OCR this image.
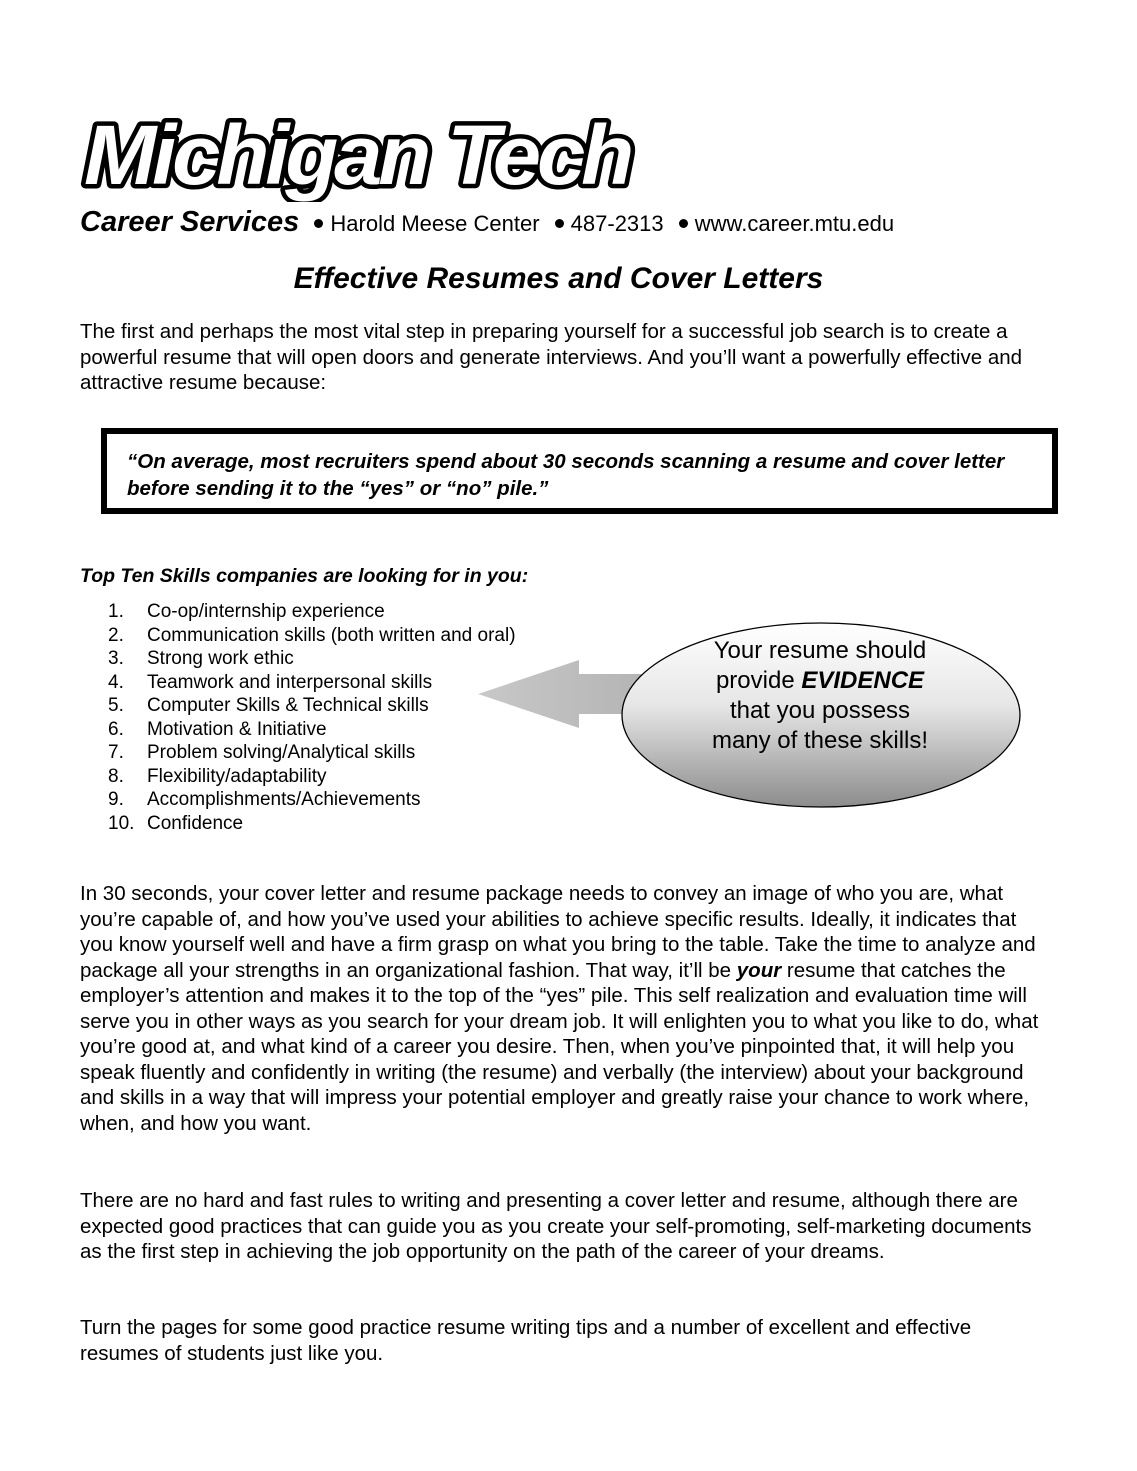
Michigan Tech
Career Services Harold Meese Center 487-2313 www.career.mtu.edu
Effective Resumes and Cover Letters

The first and perhaps the most vital step in preparing yourself for a successful job search is to create a powerful resume that will open doors and generate interviews. And you’ll want a powerfully effective and attractive resume because:

“On average, most recruiters spend about 30 seconds scanning a resume and cover letter before sending it to the “yes” or “no” pile.”
Top Ten Skills companies are looking for in you:
1. Co-op/internship experience
2. Communication skills (both written and oral)
3. Strong work ethic
4. Teamwork and interpersonal skills
5. Computer Skills & Technical skills
6. Motivation & Initiative
7. Problem solving/Analytical skills
8. Flexibility/adaptability
9. Accomplishments/Achievements
10. Confidence
Your resume should
provide EVIDENCE
that you possess
many of these skills!

In 30 seconds, your cover letter and resume package needs to convey an image of who you are, what you’re capable of, and how you’ve used your abilities to achieve specific results. Ideally, it indicates that you know yourself well and have a firm grasp on what you bring to the table. Take the time to analyze and package all your strengths in an organizational fashion. That way, it’ll be your resume that catches the employer’s attention and makes it to the top of the “yes” pile. This self realization and evaluation time will serve you in other ways as you search for your dream job. It will enlighten you to what you like to do, what you’re good at, and what kind of a career you desire. Then, when you’ve pinpointed that, it will help you speak fluently and confidently in writing (the resume) and verbally (the interview) about your background and skills in a way that will impress your potential employer and greatly raise your chance to work where, when, and how you want.

There are no hard and fast rules to writing and presenting a cover letter and resume, although there are expected good practices that can guide you as you create your self-promoting, self-marketing documents as the first step in achieving the job opportunity on the path of the career of your dreams.

Turn the pages for some good practice resume writing tips and a number of excellent and effective resumes of students just like you.
